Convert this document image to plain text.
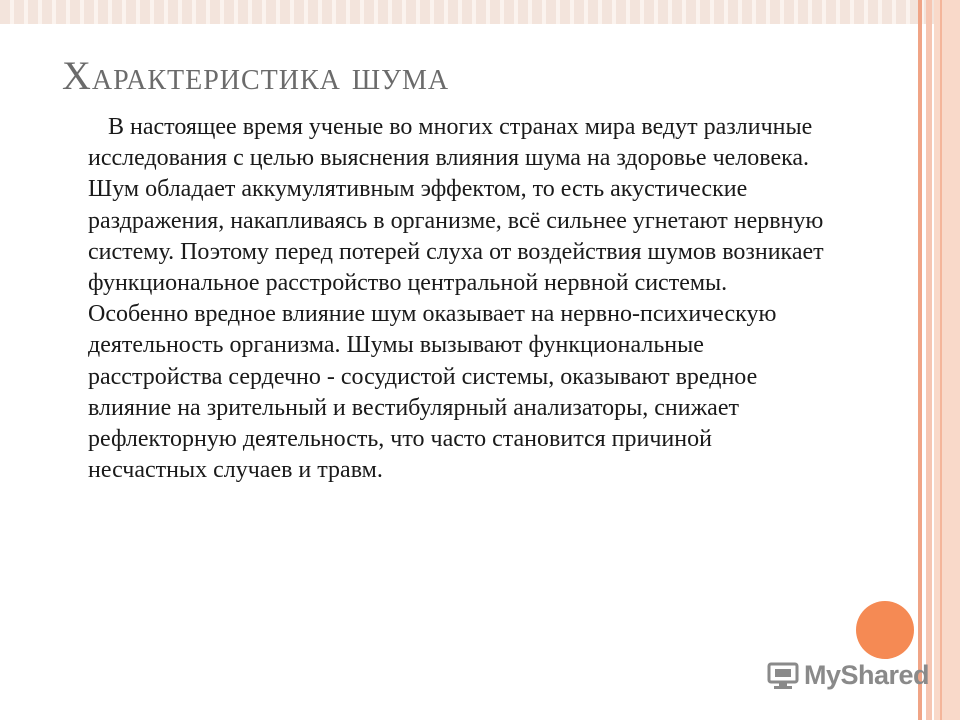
Характеристика шума
В настоящее время ученые во многих странах мира ведут различные исследования с целью выяснения влияния шума на здоровье человека. Шум обладает аккумулятивным эффектом, то есть акустические раздражения, накапливаясь в организме, всё сильнее угнетают нервную систему. Поэтому перед потерей слуха от воздействия шумов возникает функциональное расстройство центральной нервной системы. Особенно вредное влияние шум оказывает на нервно-психическую деятельность организма. Шумы вызывают функциональные расстройства сердечно - сосудистой системы, оказывают вредное влияние на зрительный и вестибулярный анализаторы, снижает рефлекторную деятельность, что часто становится причиной несчастных случаев и травм.
MyShared
